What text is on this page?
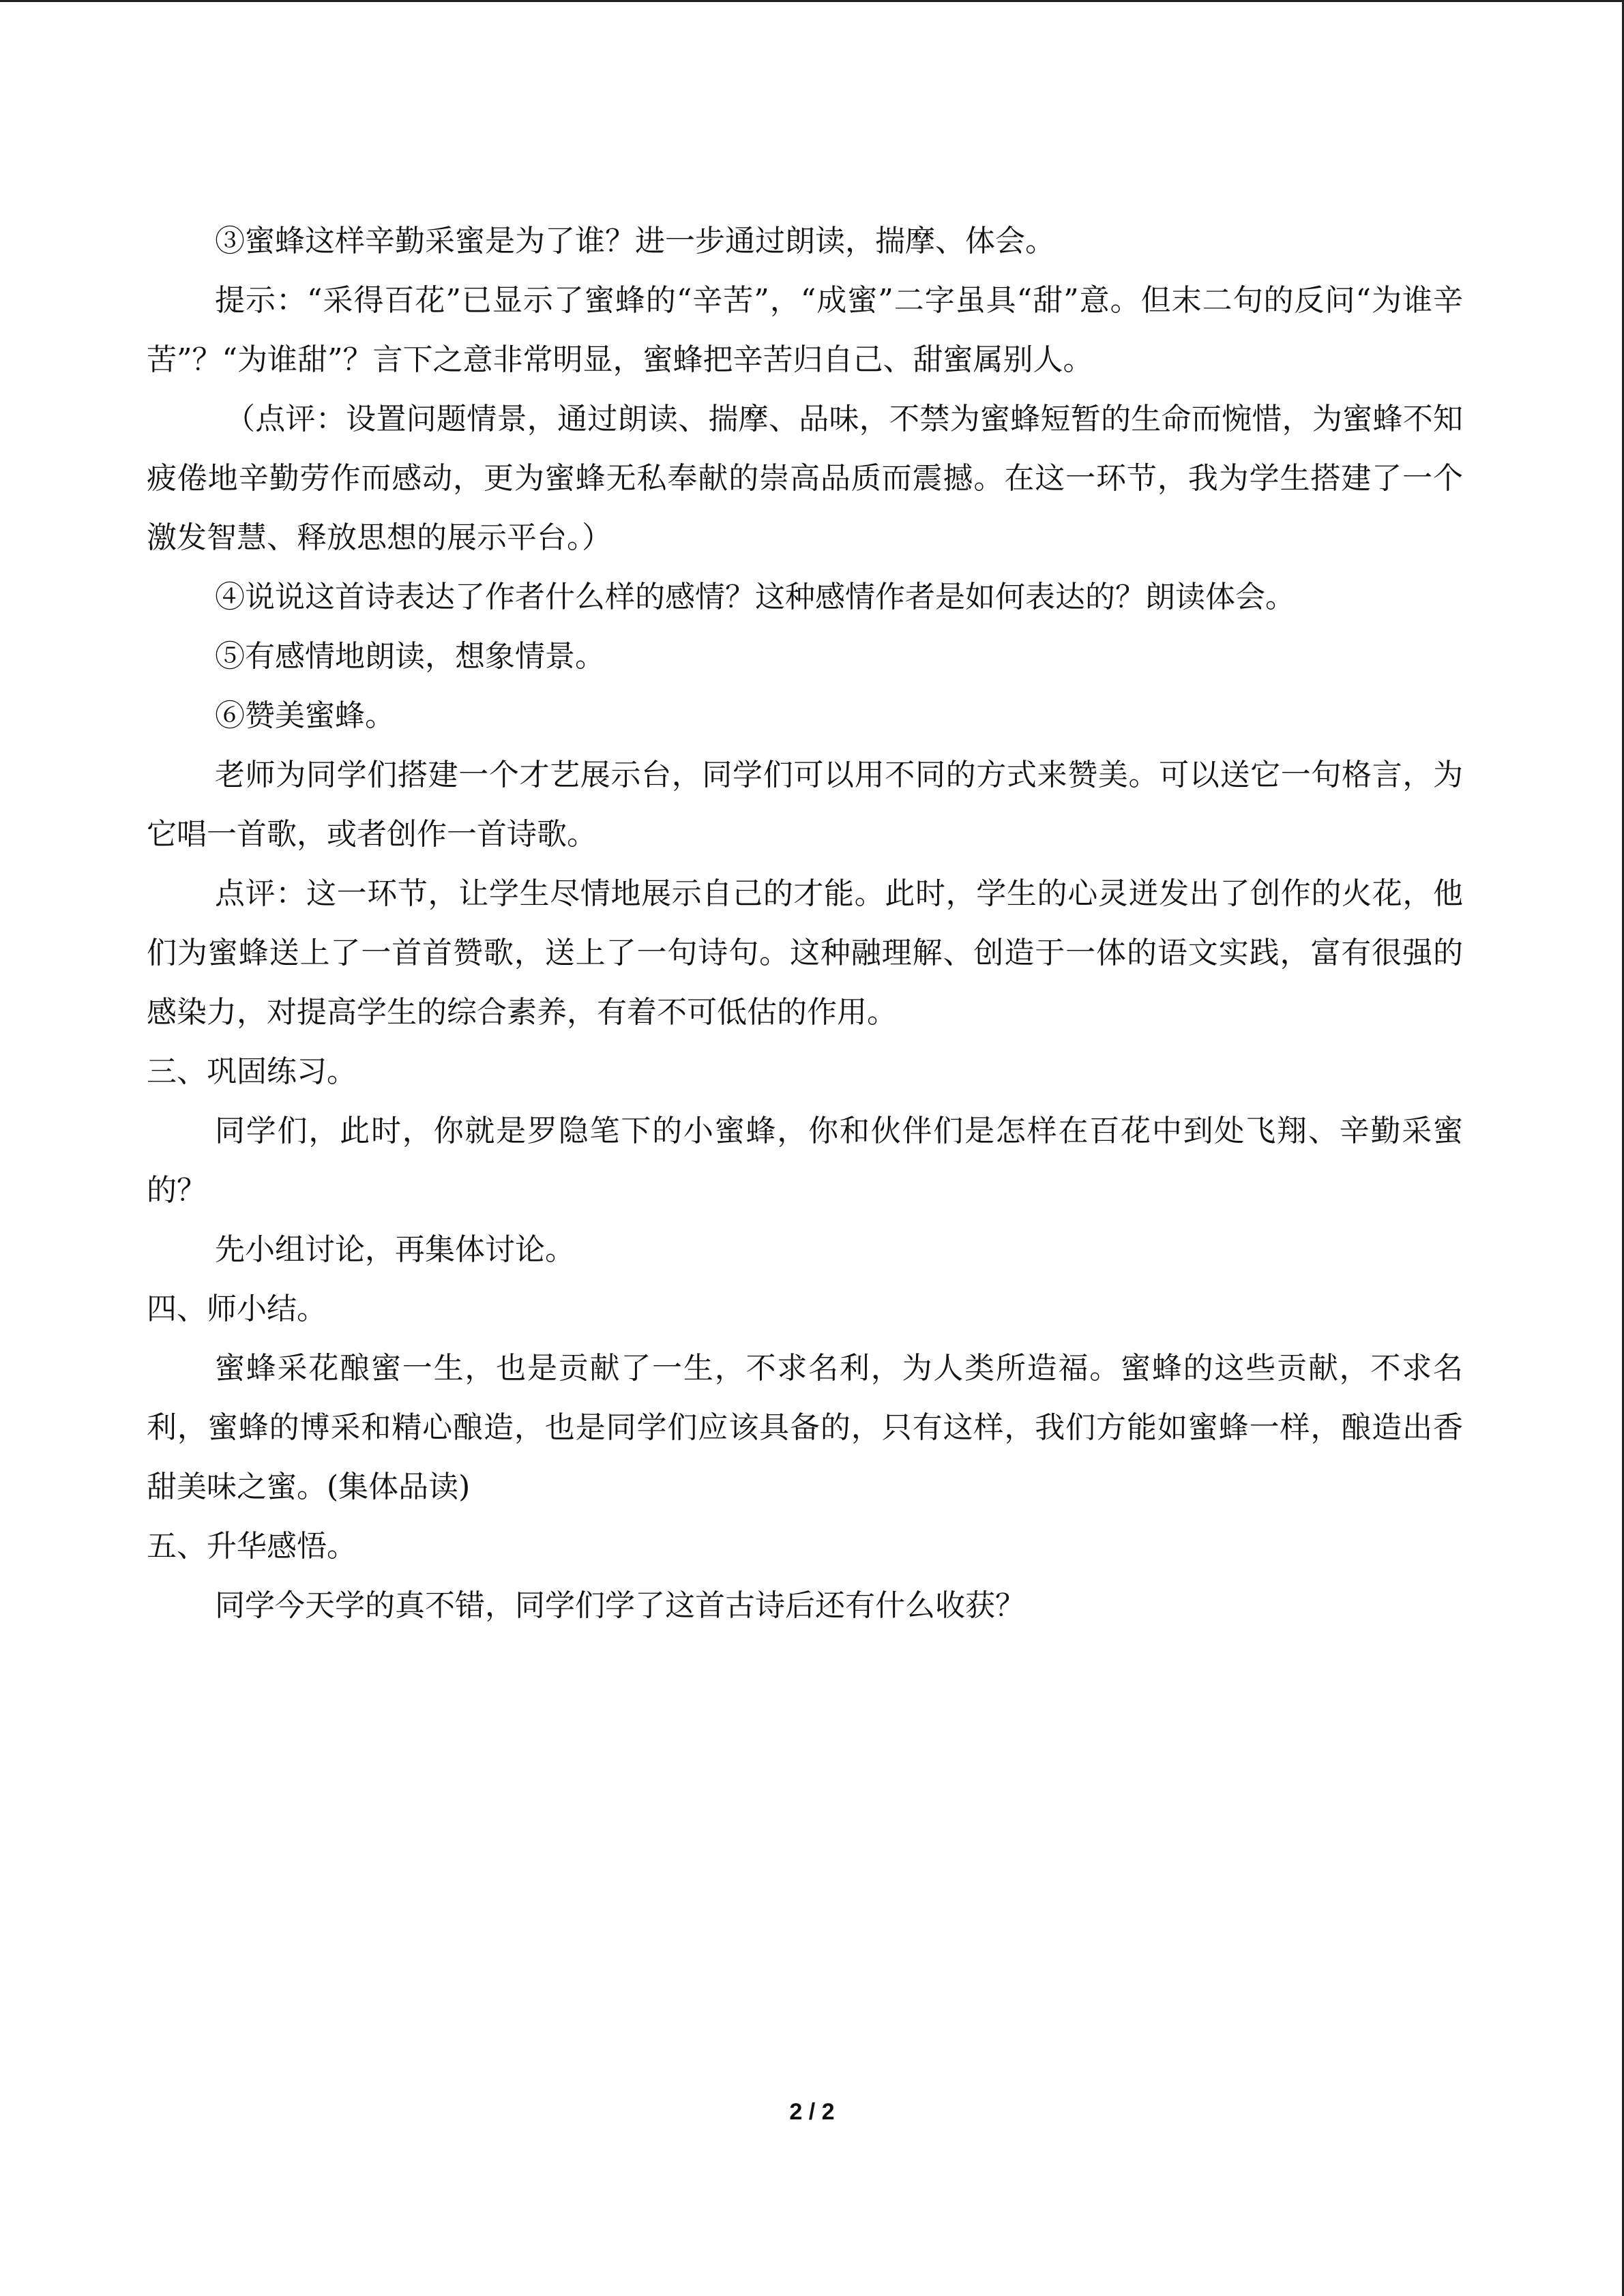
③蜜蜂这样辛勤采蜜是为了谁？进一步通过朗读，揣摩、体会。

提示：“采得百花”已显示了蜜蜂的“辛苦”，“成蜜”二字虽具“甜”意。但末二句的反问“为谁辛苦”？“为谁甜”？言下之意非常明显，蜜蜂把辛苦归自己、甜蜜属别人。

（点评：设置问题情景，通过朗读、揣摩、品味，不禁为蜜蜂短暂的生命而惋惜，为蜜蜂不知疲倦地辛勤劳作而感动，更为蜜蜂无私奉献的崇高品质而震撼。在这一环节，我为学生搭建了一个激发智慧、释放思想的展示平台。）

④说说这首诗表达了作者什么样的感情？这种感情作者是如何表达的？朗读体会。

⑤有感情地朗读，想象情景。

⑥赞美蜜蜂。

老师为同学们搭建一个才艺展示台，同学们可以用不同的方式来赞美。可以送它一句格言，为它唱一首歌，或者创作一首诗歌。

点评：这一环节，让学生尽情地展示自己的才能。此时，学生的心灵迸发出了创作的火花，他们为蜜蜂送上了一首首赞歌，送上了一句诗句。这种融理解、创造于一体的语文实践，富有很强的感染力，对提高学生的综合素养，有着不可低估的作用。

三、巩固练习。

同学们，此时，你就是罗隐笔下的小蜜蜂，你和伙伴们是怎样在百花中到处飞翔、辛勤采蜜的？

先小组讨论，再集体讨论。

四、师小结。

蜜蜂采花酿蜜一生，也是贡献了一生，不求名利，为人类所造福。蜜蜂的这些贡献，不求名利，蜜蜂的博采和精心酿造，也是同学们应该具备的，只有这样，我们方能如蜜蜂一样，酿造出香甜美味之蜜。(集体品读)

五、升华感悟。

同学今天学的真不错，同学们学了这首古诗后还有什么收获？

2 / 2
